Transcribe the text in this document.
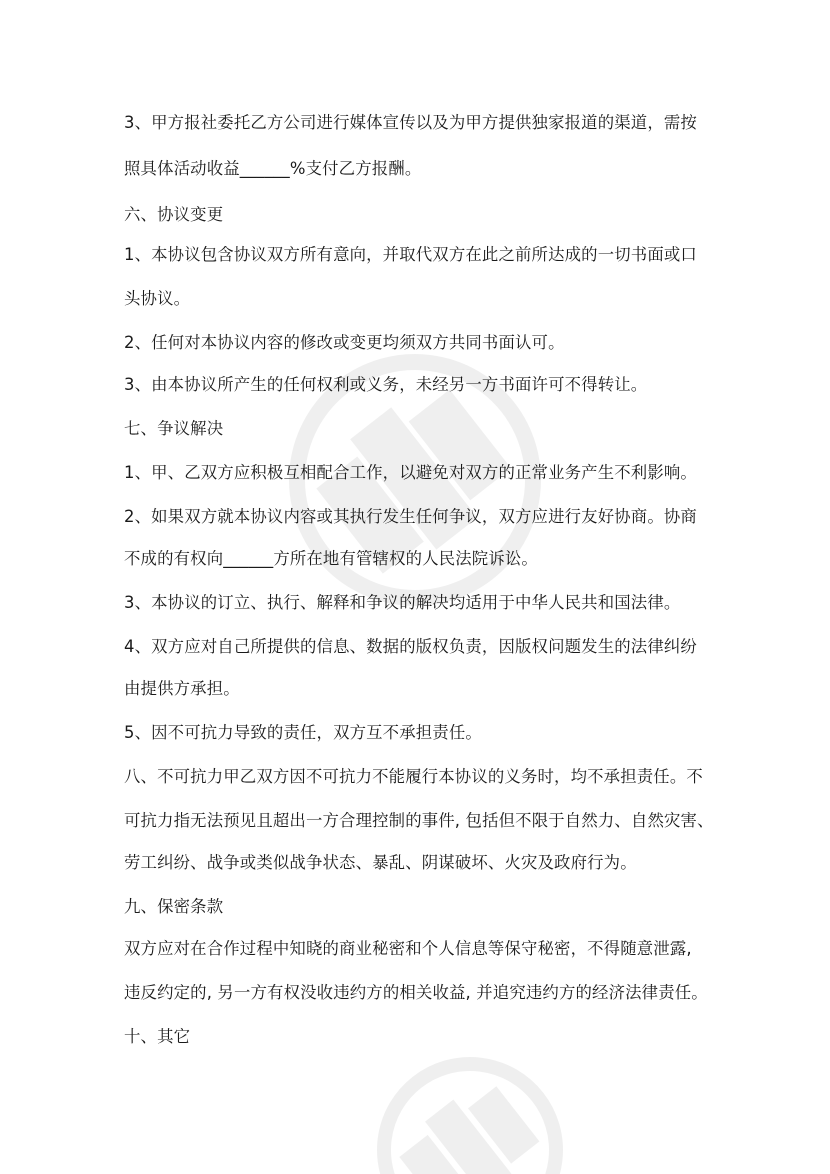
3、甲方报社委托乙方公司进行媒体宣传以及为甲方提供独家报道的渠道，需按
照具体活动收益______%支付乙方报酬。
六、协议变更
1、本协议包含协议双方所有意向，并取代双方在此之前所达成的一切书面或口
头协议。
2、任何对本协议内容的修改或变更均须双方共同书面认可。
3、由本协议所产生的任何权利或义务，未经另一方书面许可不得转让。
七、争议解决
1、甲、乙双方应积极互相配合工作，以避免对双方的正常业务产生不利影响。
2、如果双方就本协议内容或其执行发生任何争议，双方应进行友好协商。协商
不成的有权向______方所在地有管辖权的人民法院诉讼。
3、本协议的订立、执行、解释和争议的解决均适用于中华人民共和国法律。
4、双方应对自己所提供的信息、数据的版权负责，因版权问题发生的法律纠纷
由提供方承担。
5、因不可抗力导致的责任，双方互不承担责任。
八、不可抗力甲乙双方因不可抗力不能履行本协议的义务时，均不承担责任。不
可抗力指无法预见且超出一方合理控制的事件, 包括但不限于自然力、自然灾害、
劳工纠纷、战争或类似战争状态、暴乱、阴谋破坏、火灾及政府行为。
九、保密条款
双方应对在合作过程中知晓的商业秘密和个人信息等保守秘密，不得随意泄露,
违反约定的, 另一方有权没收违约方的相关收益, 并追究违约方的经济法律责任。
十、其它
